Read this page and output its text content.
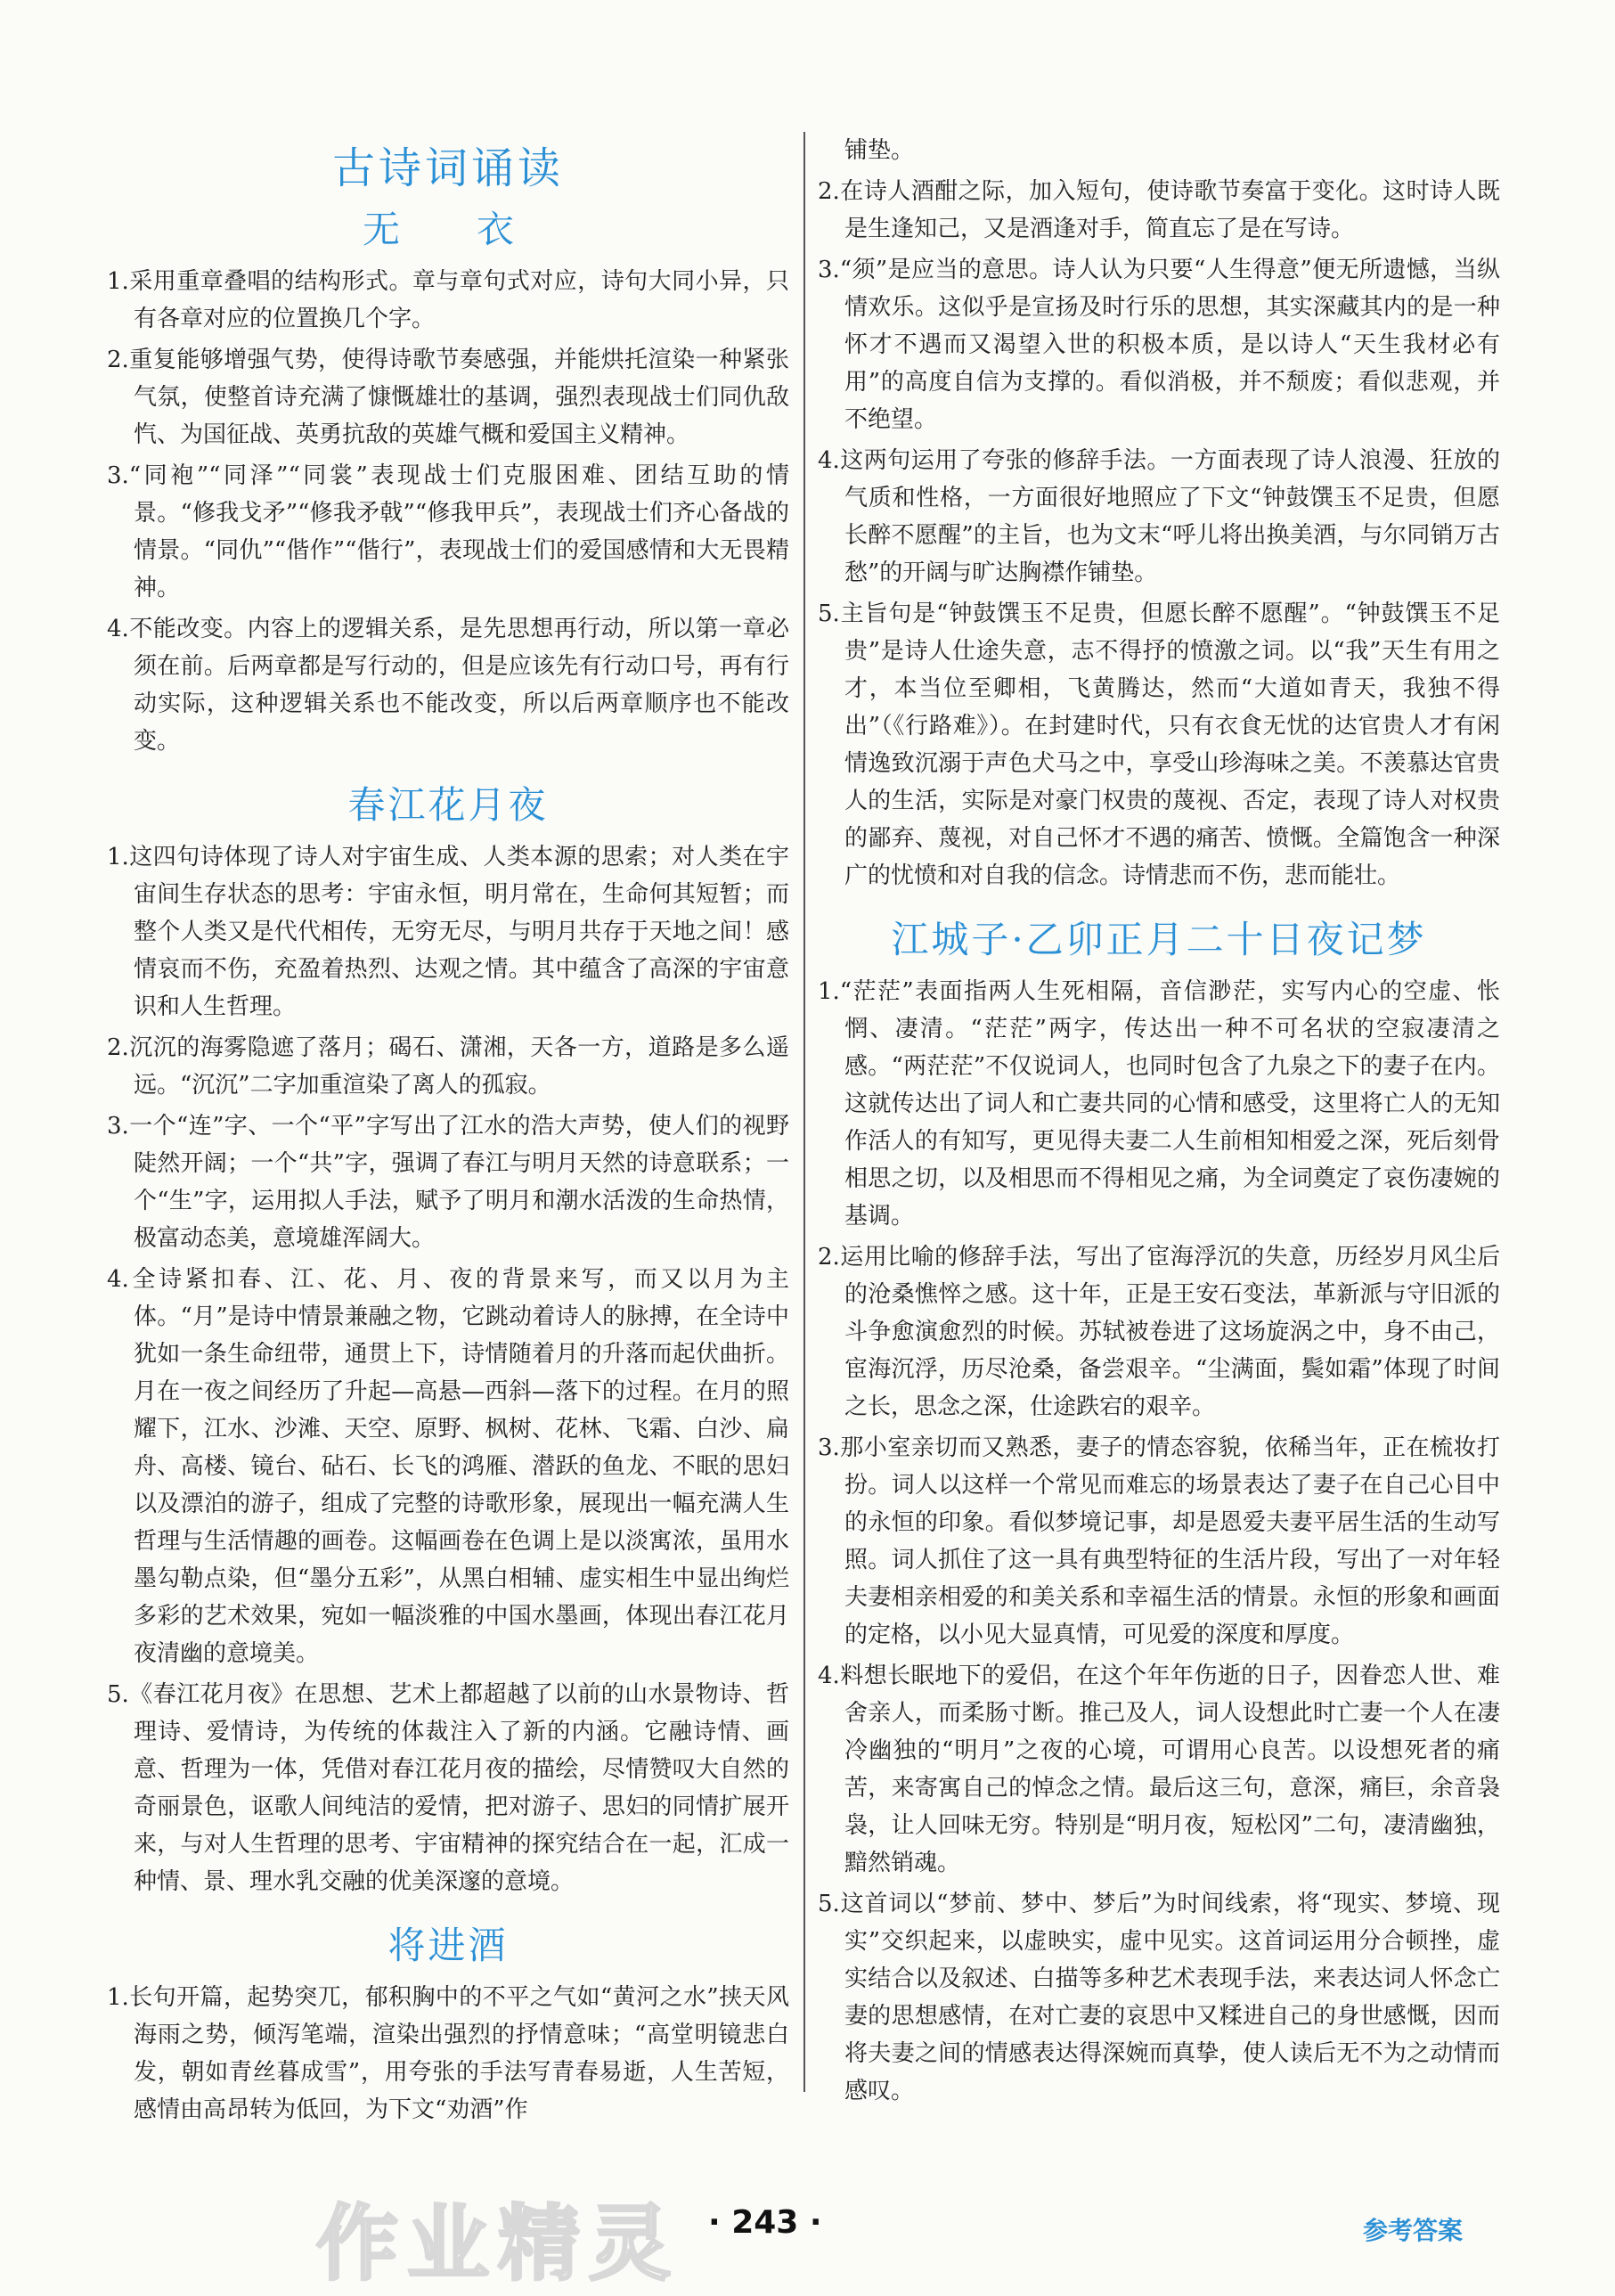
古诗词诵读
无　衣
1.采用重章叠唱的结构形式。章与章句式对应，诗句大同小异，只有各章对应的位置换几个字。
2.重复能够增强气势，使得诗歌节奏感强，并能烘托渲染一种紧张气氛，使整首诗充满了慷慨雄壮的基调，强烈表现战士们同仇敌忾、为国征战、英勇抗敌的英雄气概和爱国主义精神。
3.“同袍”“同泽”“同裳”表现战士们克服困难、团结互助的情景。“修我戈矛”“修我矛戟”“修我甲兵”，表现战士们齐心备战的情景。“同仇”“偕作”“偕行”，表现战士们的爱国感情和大无畏精神。
4.不能改变。内容上的逻辑关系，是先思想再行动，所以第一章必须在前。后两章都是写行动的，但是应该先有行动口号，再有行动实际，这种逻辑关系也不能改变，所以后两章顺序也不能改变。
春江花月夜
1.这四句诗体现了诗人对宇宙生成、人类本源的思索；对人类在宇宙间生存状态的思考：宇宙永恒，明月常在，生命何其短暂；而整个人类又是代代相传，无穷无尽，与明月共存于天地之间！感情哀而不伤，充盈着热烈、达观之情。其中蕴含了高深的宇宙意识和人生哲理。
2.沉沉的海雾隐遮了落月；碣石、潇湘，天各一方，道路是多么遥远。“沉沉”二字加重渲染了离人的孤寂。
3.一个“连”字、一个“平”字写出了江水的浩大声势，使人们的视野陡然开阔；一个“共”字，强调了春江与明月天然的诗意联系；一个“生”字，运用拟人手法，赋予了明月和潮水活泼的生命热情，极富动态美，意境雄浑阔大。
4.全诗紧扣春、江、花、月、夜的背景来写，而又以月为主体。“月”是诗中情景兼融之物，它跳动着诗人的脉搏，在全诗中犹如一条生命纽带，通贯上下，诗情随着月的升落而起伏曲折。月在一夜之间经历了升起—高悬—西斜—落下的过程。在月的照耀下，江水、沙滩、天空、原野、枫树、花林、飞霜、白沙、扁舟、高楼、镜台、砧石、长飞的鸿雁、潜跃的鱼龙、不眠的思妇以及漂泊的游子，组成了完整的诗歌形象，展现出一幅充满人生哲理与生活情趣的画卷。这幅画卷在色调上是以淡寓浓，虽用水墨勾勒点染，但“墨分五彩”，从黑白相辅、虚实相生中显出绚烂多彩的艺术效果，宛如一幅淡雅的中国水墨画，体现出春江花月夜清幽的意境美。
5.《春江花月夜》在思想、艺术上都超越了以前的山水景物诗、哲理诗、爱情诗，为传统的体裁注入了新的内涵。它融诗情、画意、哲理为一体，凭借对春江花月夜的描绘，尽情赞叹大自然的奇丽景色，讴歌人间纯洁的爱情，把对游子、思妇的同情扩展开来，与对人生哲理的思考、宇宙精神的探究结合在一起，汇成一种情、景、理水乳交融的优美深邃的意境。
将进酒
1.长句开篇，起势突兀，郁积胸中的不平之气如“黄河之水”挟天风海雨之势，倾泻笔端，渲染出强烈的抒情意味；“高堂明镜悲白发，朝如青丝暮成雪”，用夸张的手法写青春易逝，人生苦短，感情由高昂转为低回，为下文“劝酒”作
铺垫。
2.在诗人酒酣之际，加入短句，使诗歌节奏富于变化。这时诗人既是生逢知己，又是酒逢对手，简直忘了是在写诗。
3.“须”是应当的意思。诗人认为只要“人生得意”便无所遗憾，当纵情欢乐。这似乎是宣扬及时行乐的思想，其实深藏其内的是一种怀才不遇而又渴望入世的积极本质，是以诗人“天生我材必有用”的高度自信为支撑的。看似消极，并不颓废；看似悲观，并不绝望。
4.这两句运用了夸张的修辞手法。一方面表现了诗人浪漫、狂放的气质和性格，一方面很好地照应了下文“钟鼓馔玉不足贵，但愿长醉不愿醒”的主旨，也为文末“呼儿将出换美酒，与尔同销万古愁”的开阔与旷达胸襟作铺垫。
5.主旨句是“钟鼓馔玉不足贵，但愿长醉不愿醒”。“钟鼓馔玉不足贵”是诗人仕途失意，志不得抒的愤激之词。以“我”天生有用之才，本当位至卿相，飞黄腾达，然而“大道如青天，我独不得出”（《行路难》）。在封建时代，只有衣食无忧的达官贵人才有闲情逸致沉溺于声色犬马之中，享受山珍海味之美。不羡慕达官贵人的生活，实际是对豪门权贵的蔑视、否定，表现了诗人对权贵的鄙弃、蔑视，对自己怀才不遇的痛苦、愤慨。全篇饱含一种深广的忧愤和对自我的信念。诗情悲而不伤，悲而能壮。
江城子·乙卯正月二十日夜记梦
1.“茫茫”表面指两人生死相隔，音信渺茫，实写内心的空虚、怅惘、凄清。“茫茫”两字，传达出一种不可名状的空寂凄清之感。“两茫茫”不仅说词人，也同时包含了九泉之下的妻子在内。这就传达出了词人和亡妻共同的心情和感受，这里将亡人的无知作活人的有知写，更见得夫妻二人生前相知相爱之深，死后刻骨相思之切，以及相思而不得相见之痛，为全词奠定了哀伤凄婉的基调。
2.运用比喻的修辞手法，写出了宦海浮沉的失意，历经岁月风尘后的沧桑憔悴之感。这十年，正是王安石变法，革新派与守旧派的斗争愈演愈烈的时候。苏轼被卷进了这场旋涡之中，身不由己，宦海沉浮，历尽沧桑，备尝艰辛。“尘满面，鬓如霜”体现了时间之长，思念之深，仕途跌宕的艰辛。
3.那小室亲切而又熟悉，妻子的情态容貌，依稀当年，正在梳妆打扮。词人以这样一个常见而难忘的场景表达了妻子在自己心目中的永恒的印象。看似梦境记事，却是恩爱夫妻平居生活的生动写照。词人抓住了这一具有典型特征的生活片段，写出了一对年轻夫妻相亲相爱的和美关系和幸福生活的情景。永恒的形象和画面的定格，以小见大显真情，可见爱的深度和厚度。
4.料想长眠地下的爱侣，在这个年年伤逝的日子，因眷恋人世、难舍亲人，而柔肠寸断。推己及人，词人设想此时亡妻一个人在凄冷幽独的“明月”之夜的心境，可谓用心良苦。以设想死者的痛苦，来寄寓自己的悼念之情。最后这三句，意深，痛巨，余音袅袅，让人回味无穷。特别是“明月夜，短松冈”二句，凄清幽独，黯然销魂。
5.这首词以“梦前、梦中、梦后”为时间线索，将“现实、梦境、现实”交织起来，以虚映实，虚中见实。这首词运用分合顿挫，虚实结合以及叙述、白描等多种艺术表现手法，来表达词人怀念亡妻的思想感情，在对亡妻的哀思中又糅进自己的身世感慨，因而将夫妻之间的情感表达得深婉而真挚，使人读后无不为之动情而感叹。
作业精灵 · 243 ·	参考答案
